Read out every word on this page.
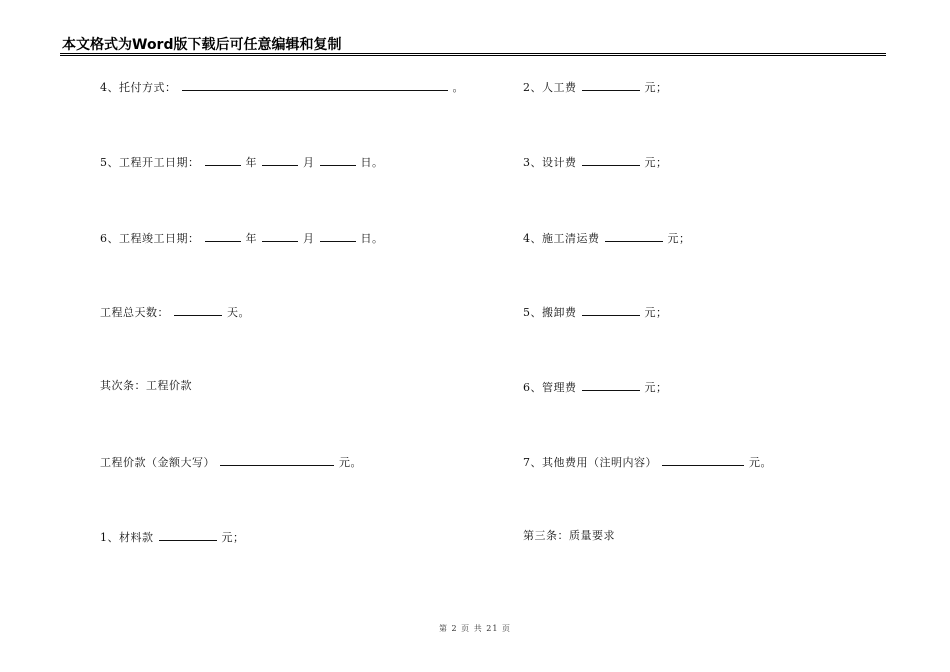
本文格式为Word版下载后可任意编辑和复制
4、托付方式：	。
5、工程开工日期：	年	月	日。
6、工程竣工日期：	年	月	日。
工程总天数：	天。
其次条：工程价款
工程价款（金额大写）	元。
1、材料款	元；
2、人工费	元；
3、设计费	元；
4、施工清运费	元；
5、搬卸费	元；
6、管理费	元；
7、其他费用（注明内容）	元。
第三条：质量要求
第 2 页 共 21 页
